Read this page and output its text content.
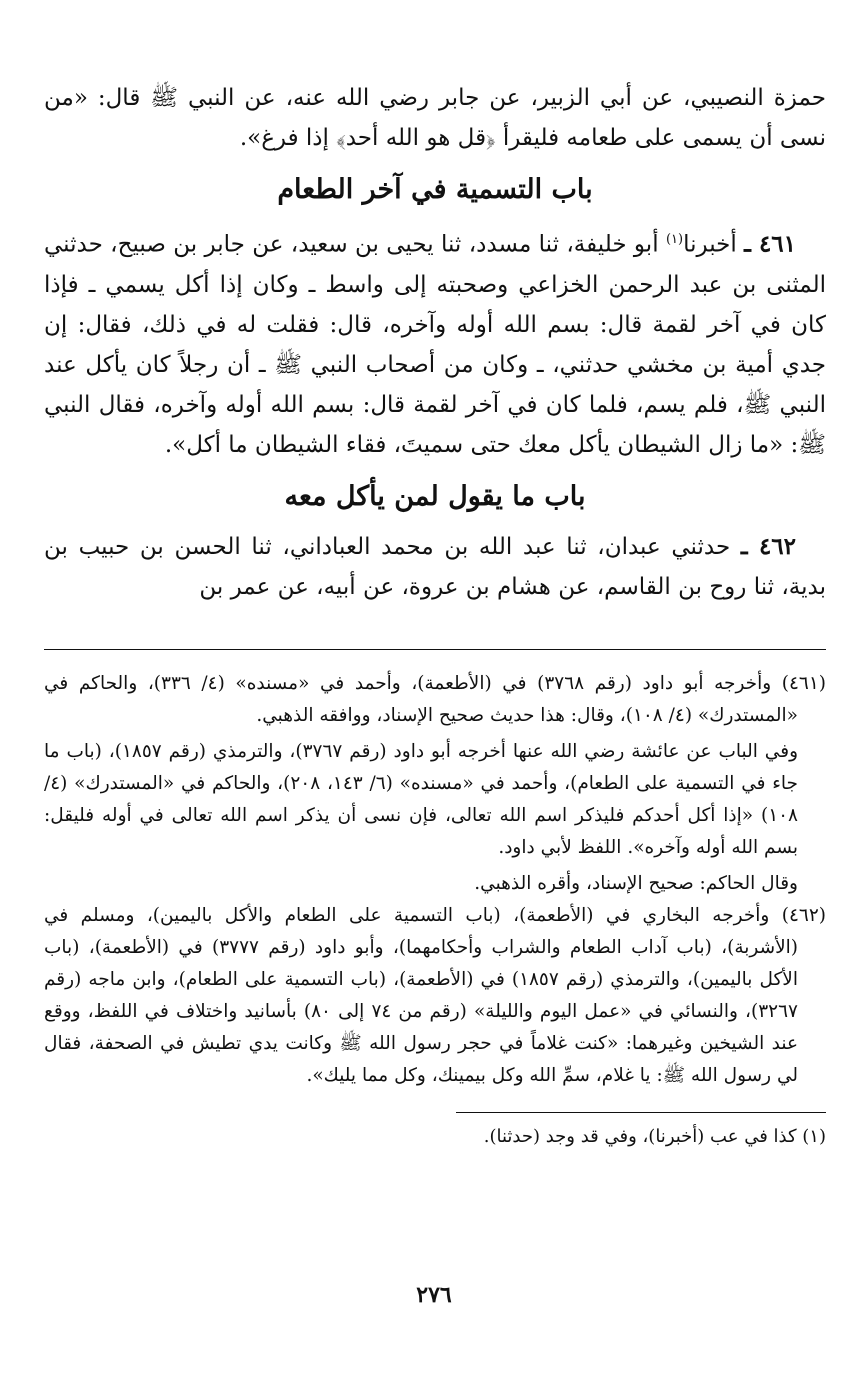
حمزة النصيبي، عن أبي الزبير، عن جابر رضي الله عنه، عن النبي ﷺ قال: «من نسى أن يسمى على طعامه فليقرأ ﴿قل هو الله أحد﴾ إذا فرغ».

باب التسمية في آخر الطعام

٤٦١ ـ أخبرنا$^{(١)}$ أبو خليفة، ثنا مسدد، ثنا يحيى بن سعيد، عن جابر بن صبيح، حدثني المثنى بن عبد الرحمن الخزاعي وصحبته إلى واسط ـ وكان إذا أكل يسمي ـ فإذا كان في آخر لقمة قال: بسم الله أوله وآخره، قال: فقلت له في ذلك، فقال: إن جدي أمية بن مخشي حدثني، ـ وكان من أصحاب النبي ﷺ ـ أن رجلاً كان يأكل عند النبي ﷺ، فلم يسم، فلما كان في آخر لقمة قال: بسم الله أوله وآخره، فقال النبي ﷺ: «ما زال الشيطان يأكل معك حتى سميتَ، فقاء الشيطان ما أكل».

باب ما يقول لمن يأكل معه

٤٦٢ ـ حدثني عبدان، ثنا عبد الله بن محمد العباداني، ثنا الحسن بن حبيب بن بدية، ثنا روح بن القاسم، عن هشام بن عروة، عن أبيه، عن عمر بن

(٤٦١) وأخرجه أبو داود (رقم ٣٧٦٨) في (الأطعمة)، وأحمد في «مسنده» (٤/ ٣٣٦)، والحاكم في «المستدرك» (٤/ ١٠٨)، وقال: هذا حديث صحيح الإسناد، ووافقه الذهبي.

وفي الباب عن عائشة رضي الله عنها أخرجه أبو داود (رقم ٣٧٦٧)، والترمذي (رقم ١٨٥٧)، (باب ما جاء في التسمية على الطعام)، وأحمد في «مسنده» (٦/ ١٤٣، ٢٠٨)، والحاكم في «المستدرك» (٤/ ١٠٨) «إذا أكل أحدكم فليذكر اسم الله تعالى، فإن نسى أن يذكر اسم الله تعالى في أوله فليقل: بسم الله أوله وآخره». اللفظ لأبي داود.

وقال الحاكم: صحيح الإسناد، وأقره الذهبي.

(٤٦٢) وأخرجه البخاري في (الأطعمة)، (باب التسمية على الطعام والأكل باليمين)، ومسلم في (الأشربة)، (باب آداب الطعام والشراب وأحكامهما)، وأبو داود (رقم ٣٧٧٧) في (الأطعمة)، (باب الأكل باليمين)، والترمذي (رقم ١٨٥٧) في (الأطعمة)، (باب التسمية على الطعام)، وابن ماجه (رقم ٣٢٦٧)، والنسائي في «عمل اليوم والليلة» (رقم من ٧٤ إلى ٨٠) بأسانيد واختلاف في اللفظ، ووقع عند الشيخين وغيرهما: «كنت غلاماً في حجر رسول الله ﷺ وكانت يدي تطيش في الصحفة، فقال لي رسول الله ﷺ: يا غلام، سمِّ الله وكل بيمينك، وكل مما يليك».

(١) كذا في عب (أخبرنا)، وفي قد وجد (حدثنا).

٢٧٦
